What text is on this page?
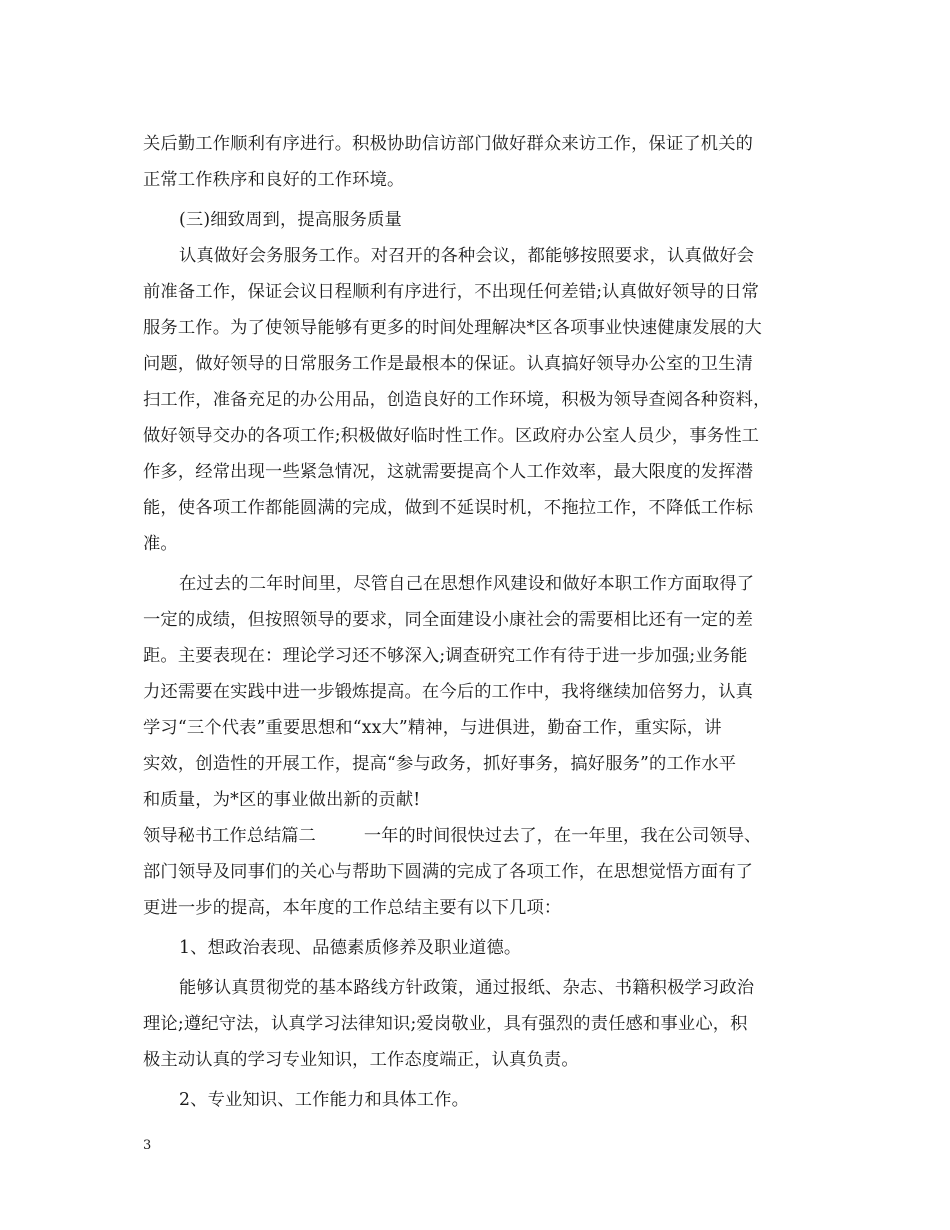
关后勤工作顺利有序进行。积极协助信访部门做好群众来访工作，保证了机关的
正常工作秩序和良好的工作环境。
(三)细致周到，提高服务质量
认真做好会务服务工作。对召开的各种会议，都能够按照要求，认真做好会
前准备工作，保证会议日程顺利有序进行，不出现任何差错;认真做好领导的日常
服务工作。为了使领导能够有更多的时间处理解决*区各项事业快速健康发展的大
问题，做好领导的日常服务工作是最根本的保证。认真搞好领导办公室的卫生清
扫工作，准备充足的办公用品，创造良好的工作环境，积极为领导查阅各种资料，
做好领导交办的各项工作;积极做好临时性工作。区政府办公室人员少，事务性工
作多，经常出现一些紧急情况，这就需要提高个人工作效率，最大限度的发挥潜
能，使各项工作都能圆满的完成，做到不延误时机，不拖拉工作，不降低工作标
准。
在过去的二年时间里，尽管自己在思想作风建设和做好本职工作方面取得了
一定的成绩，但按照领导的要求，同全面建设小康社会的需要相比还有一定的差
距。主要表现在：理论学习还不够深入;调查研究工作有待于进一步加强;业务能
力还需要在实践中进一步锻炼提高。在今后的工作中，我将继续加倍努力，认真
学习“三个代表”重要思想和“xx大”精神，与进俱进，勤奋工作，重实际，讲
实效，创造性的开展工作，提高“参与政务，抓好事务，搞好服务”的工作水平
和质量，为*区的事业做出新的贡献!
领导秘书工作总结篇二	一年的时间很快过去了，在一年里，我在公司领导、
部门领导及同事们的关心与帮助下圆满的完成了各项工作，在思想觉悟方面有了
更进一步的提高，本年度的工作总结主要有以下几项：
1、想政治表现、品德素质修养及职业道德。
能够认真贯彻党的基本路线方针政策，通过报纸、杂志、书籍积极学习政治
理论;遵纪守法，认真学习法律知识;爱岗敬业，具有强烈的责任感和事业心，积
极主动认真的学习专业知识，工作态度端正，认真负责。
2、专业知识、工作能力和具体工作。
3
